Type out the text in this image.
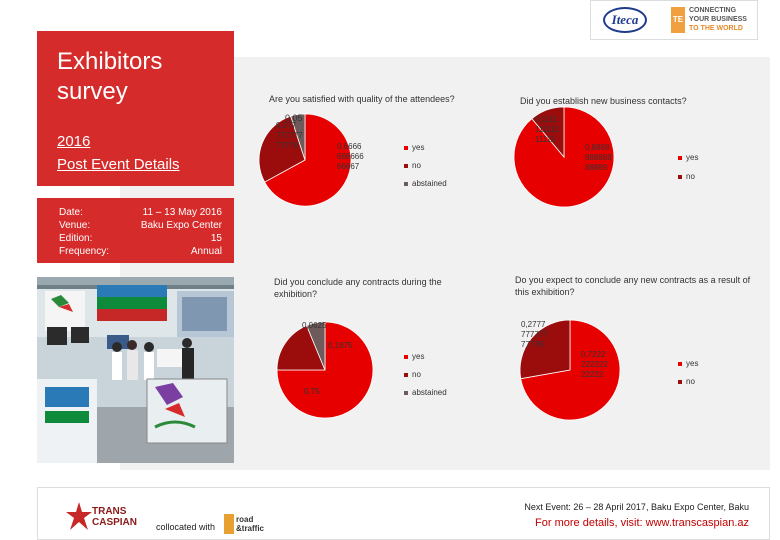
Exhibitors survey
2016
Post Event Details
Date:	11 – 13 May 2016
Venue:	Baku Expo Center
Edition:	15
Frequency:	Annual
Iteca	TE
CONNECTING
YOUR BUSINESS
TO THE WORLD
Are you satisfied with quality of the attendees?
0,6666 666666 66667
0,277 777777 77778
0,05
yes
no
abstained
Did you establish new business contacts?
0,8888 888888 88889
0,1111 111111 11111
yes
no
Did you conclude any contracts during the exhibition?
0,75
0,1875
0,0625
yes
no
abstained
Do you expect to conclude any new contracts as a result of this exhibition?
0,7222 222222 22222
0,2777 777777 77778
yes
no
TRANS
CASPIAN collocated with
road
&traffic
Next Event: 26 – 28 April 2017, Baku Expo Center, Baku
For more details, visit: www.transcaspian.az
